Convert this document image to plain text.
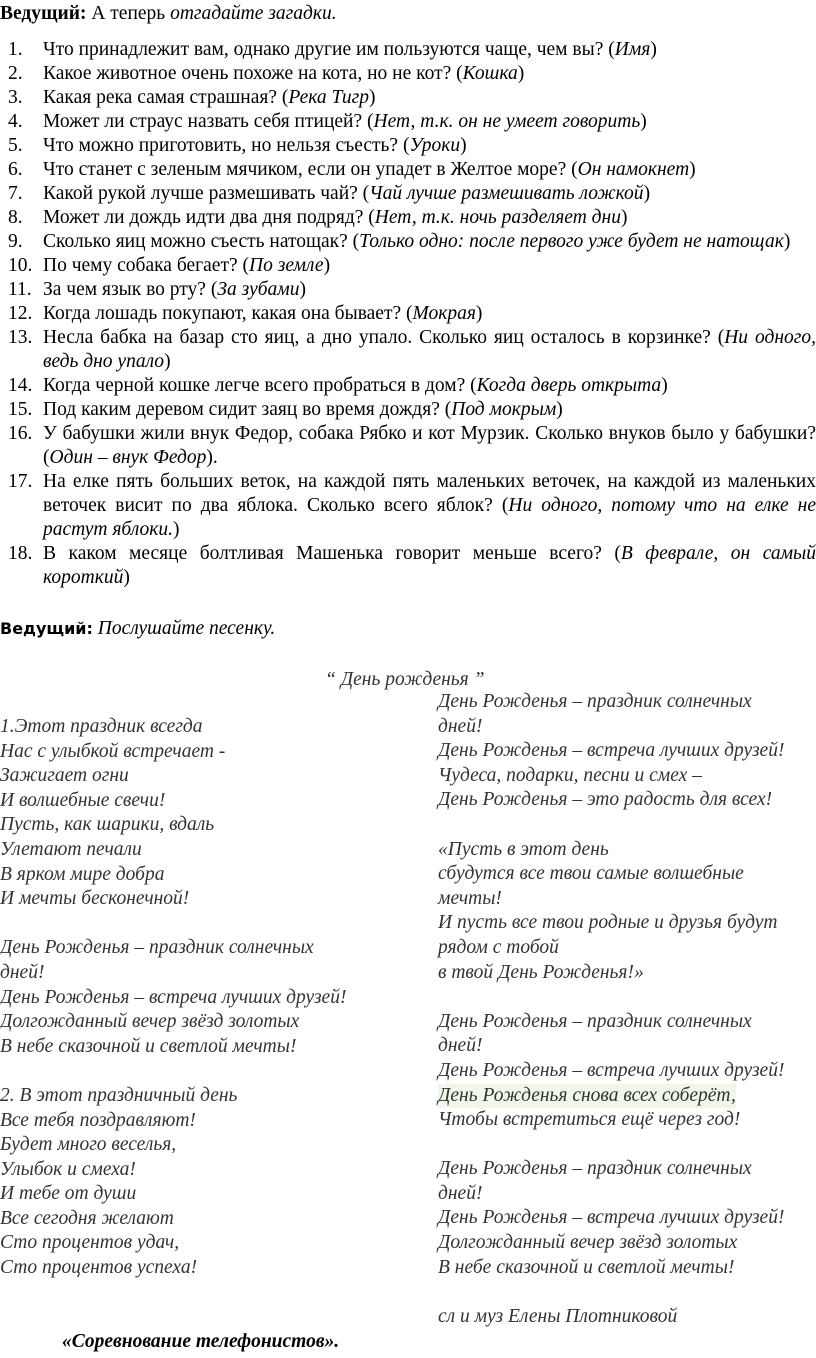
Ведущий: А теперь отгадайте загадки.
1. Что принадлежит вам, однако другие им пользуются чаще, чем вы? (Имя)
2. Какое животное очень похоже на кота, но не кот? (Кошка)
3. Какая река самая страшная? (Река Тигр)
4. Может ли страус назвать себя птицей? (Нет, т.к. он не умеет говорить)
5. Что можно приготовить, но нельзя съесть? (Уроки)
6. Что станет с зеленым мячиком, если он упадет в Желтое море? (Он намокнет)
7. Какой рукой лучше размешивать чай? (Чай лучше размешивать ложкой)
8. Может ли дождь идти два дня подряд? (Нет, т.к. ночь разделяет дни)
9. Сколько яиц можно съесть натощак? (Только одно: после первого уже будет не натощак)
10. По чему собака бегает? (По земле)
11. За чем язык во рту? (За зубами)
12. Когда лошадь покупают, какая она бывает? (Мокрая)
13. Несла бабка на базар сто яиц, а дно упало. Сколько яиц осталось в корзинке? (Ни одного, ведь дно упало)
14. Когда черной кошке легче всего пробраться в дом? (Когда дверь открыта)
15. Под каким деревом сидит заяц во время дождя? (Под мокрым)
16. У бабушки жили внук Федор, собака Рябко и кот Мурзик. Сколько внуков было у бабушки? (Один – внук Федор).
17. На елке пять больших веток, на каждой пять маленьких веточек, на каждой из маленьких веточек висит по два яблока. Сколько всего яблок? (Ни одного, потому что на елке не растут яблоки.)
18. В каком месяце болтливая Машенька говорит меньше всего? (В феврале, он самый короткий)
Ведущий: Послушайте песенку.
“ День рожденья ”
1.Этот праздник всегда
Нас с улыбкой встречает -
Зажигает огни
И волшебные свечи!
Пусть, как шарики, вдаль
Улетают печали
В ярком мире добра
И мечты бесконечной!
День Рожденья – праздник солнечных
дней!
День Рожденья – встреча лучших друзей!
Долгожданный вечер звёзд золотых
В небе сказочной и светлой мечты!
2. В этот праздничный день
Все тебя поздравляют!
Будет много веселья,
Улыбок и смеха!
И тебе от души
Все сегодня желают
Сто процентов удач,
Сто процентов успеха!
День Рожденья – праздник солнечных
дней!
День Рожденья – встреча лучших друзей!
Чудеса, подарки, песни и смех –
День Рожденья – это радость для всех!
«Пусть в этот день
сбудутся все твои самые волшебные
мечты!
И пусть все твои родные и друзья будут
рядом с тобой
в твой День Рожденья!»
День Рожденья – праздник солнечных
дней!
День Рожденья – встреча лучших друзей!
День Рожденья снова всех соберёт,
Чтобы встретиться ещё через год!
День Рожденья – праздник солнечных
дней!
День Рожденья – встреча лучших друзей!
Долгожданный вечер звёзд золотых
В небе сказочной и светлой мечты!
сл и муз Елены Плотниковой
«Соревнование телефонистов».
